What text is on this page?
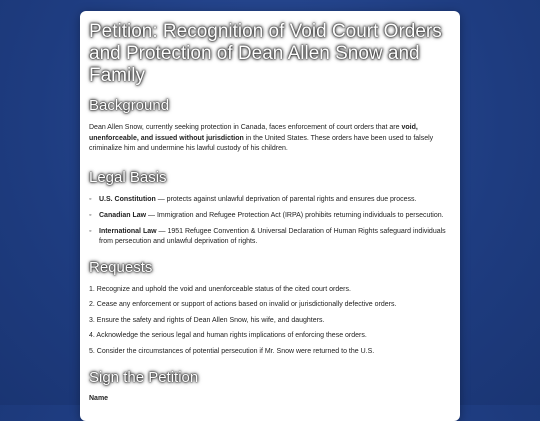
Petition: Recognition of Void Court Orders and Protection of Dean Allen Snow and Family
Background

Dean Allen Snow, currently seeking protection in Canada, faces enforcement of court orders that are void, unenforceable, and issued without jurisdiction in the United States. These orders have been used to falsely criminalize him and undermine his lawful custody of his children.

Legal Basis
◦ U.S. Constitution — protects against unlawful deprivation of parental rights and ensures due process.
◦ Canadian Law — Immigration and Refugee Protection Act (IRPA) prohibits returning individuals to persecution.
◦ International Law — 1951 Refugee Convention & Universal Declaration of Human Rights safeguard individuals from persecution and unlawful deprivation of rights.
Requests
1. Recognize and uphold the void and unenforceable status of the cited court orders.
2. Cease any enforcement or support of actions based on invalid or jurisdictionally defective orders.
3. Ensure the safety and rights of Dean Allen Snow, his wife, and daughters.
4. Acknowledge the serious legal and human rights implications of enforcing these orders.
5. Consider the circumstances of potential persecution if Mr. Snow were returned to the U.S.
Sign the Petition
Name
